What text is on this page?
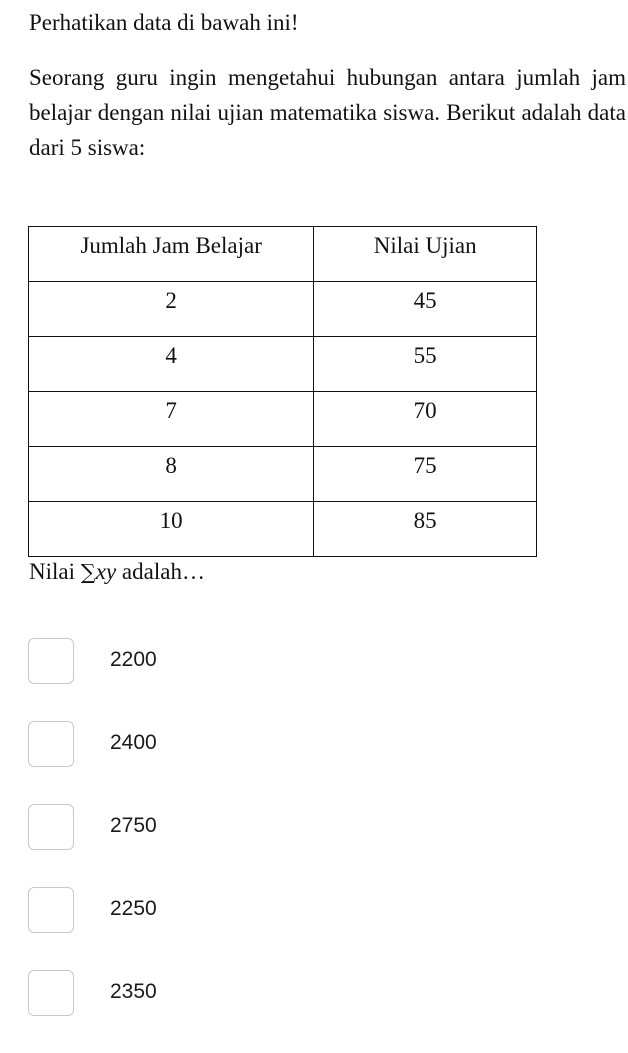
Perhatikan data di bawah ini!

Seorang guru ingin mengetahui hubungan antara jumlah jam belajar dengan nilai ujian matematika siswa. Berikut adalah data dari 5 siswa:

Jumlah Jam Belajar	Nilai Ujian
2	45
4	55
7	70
8	75
10	85

Nilai ∑xy adalah…

2200
2400
2750
2250
2350
